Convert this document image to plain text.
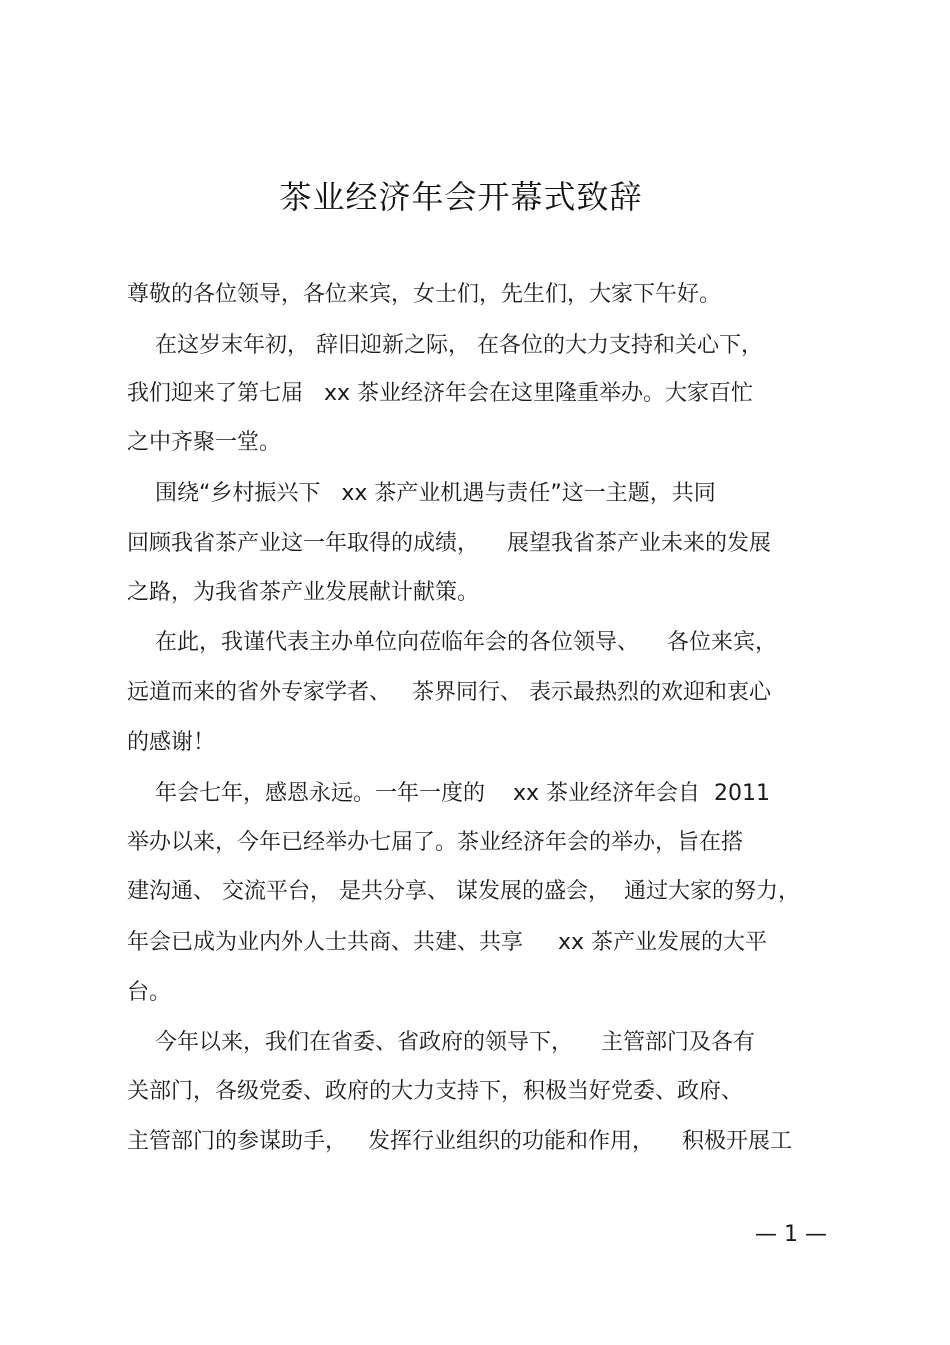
茶业经济年会开幕式致辞
尊敬的各位领导，各位来宾，女士们，先生们，大家下午好。
在这岁末年初， 辞旧迎新之际， 在各位的大力支持和关心下，
我们迎来了第七届   xx 茶业经济年会在这里隆重举办。大家百忙
之中齐聚一堂。
围绕“乡村振兴下   xx 茶产业机遇与责任”这一主题，共同
回顾我省茶产业这一年取得的成绩，    展望我省茶产业未来的发展
之路，为我省茶产业发展献计献策。
在此，我谨代表主办单位向莅临年会的各位领导、    各位来宾，
远道而来的省外专家学者、   茶界同行、 表示最热烈的欢迎和衷心
的感谢！
年会七年，感恩永远。一年一度的    xx 茶业经济年会自  2011
举办以来，今年已经举办七届了。茶业经济年会的举办，旨在搭
建沟通、 交流平台， 是共分享、 谋发展的盛会，  通过大家的努力，
年会已成为业内外人士共商、共建、共享     xx 茶产业发展的大平
台。
今年以来，我们在省委、省政府的领导下，    主管部门及各有
关部门，各级党委、政府的大力支持下，积极当好党委、政府、
主管部门的参谋助手，   发挥行业组织的功能和作用，    积极开展工
— 1 —
